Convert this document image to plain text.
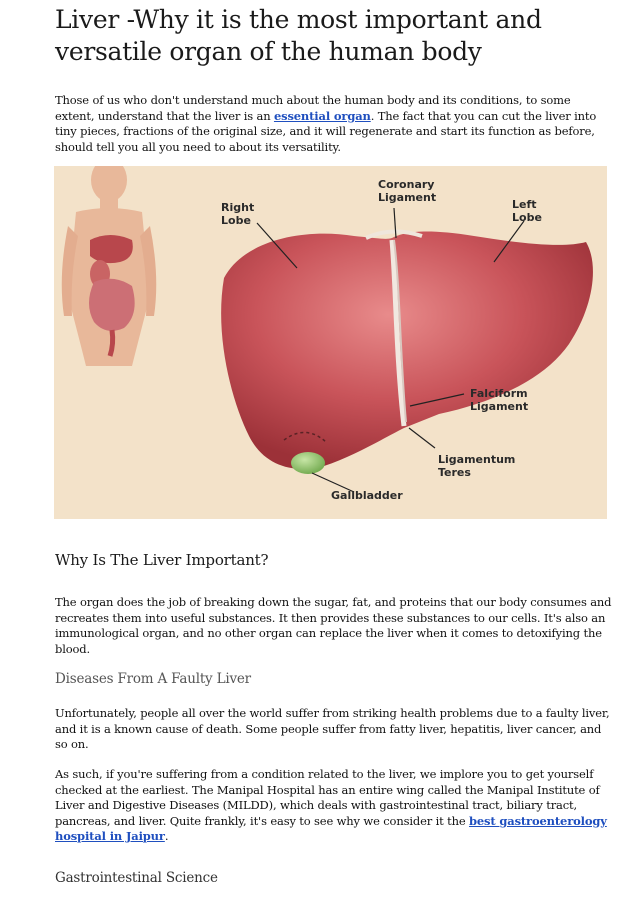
Liver -Why it is the most important and versatile organ of the human body

Those of us who don't understand much about the human body and its conditions, to some extent, understand that the liver is an essential organ. The fact that you can cut the liver into tiny pieces, fractions of the original size, and it will regenerate and start its function as before, should tell you all you need to about its versatility.

Right Lobe
Coronary Ligament
Left Lobe
Falciform Ligament
Ligamentum Teres
Gallbladder
Why Is The Liver Important?

The organ does the job of breaking down the sugar, fat, and proteins that our body consumes and recreates them into useful substances. It then provides these substances to our cells. It's also an immunological organ, and no other organ can replace the liver when it comes to detoxifying the blood.

Diseases From A Faulty Liver

Unfortunately, people all over the world suffer from striking health problems due to a faulty liver, and it is a known cause of death. Some people suffer from fatty liver, hepatitis, liver cancer, and so on.

As such, if you're suffering from a condition related to the liver, we implore you to get yourself checked at the earliest. The Manipal Hospital has an entire wing called the Manipal Institute of Liver and Digestive Diseases (MILDD), which deals with gastrointestinal tract, biliary tract, pancreas, and liver. Quite frankly, it's easy to see why we consider it the best gastroenterology hospital in Jaipur.

Gastrointestinal Science
